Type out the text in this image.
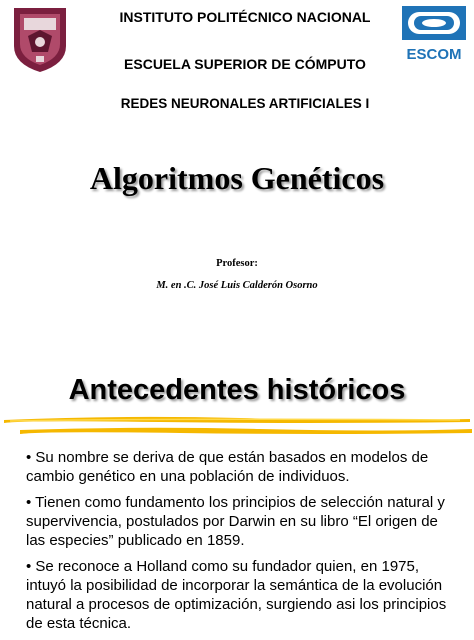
ESCOM
INSTITUTO POLITÉCNICO NACIONAL
ESCUELA SUPERIOR DE CÓMPUTO
REDES NEURONALES ARTIFICIALES I
Algoritmos Genéticos
Profesor:
M. en .C. José Luis Calderón Osorno
Antecedentes históricos
• Su nombre se deriva de que están basados en modelos de cambio genético en una población de individuos.
• Tienen como fundamento los principios de selección natural y supervivencia, postulados por Darwin en su libro “El origen de las especies” publicado en 1859.
• Se reconoce a Holland como su fundador quien, en 1975, intuyó la posibilidad de incorporar la semántica de la evolución natural a procesos de optimización, surgiendo asi los principios de esta técnica.
